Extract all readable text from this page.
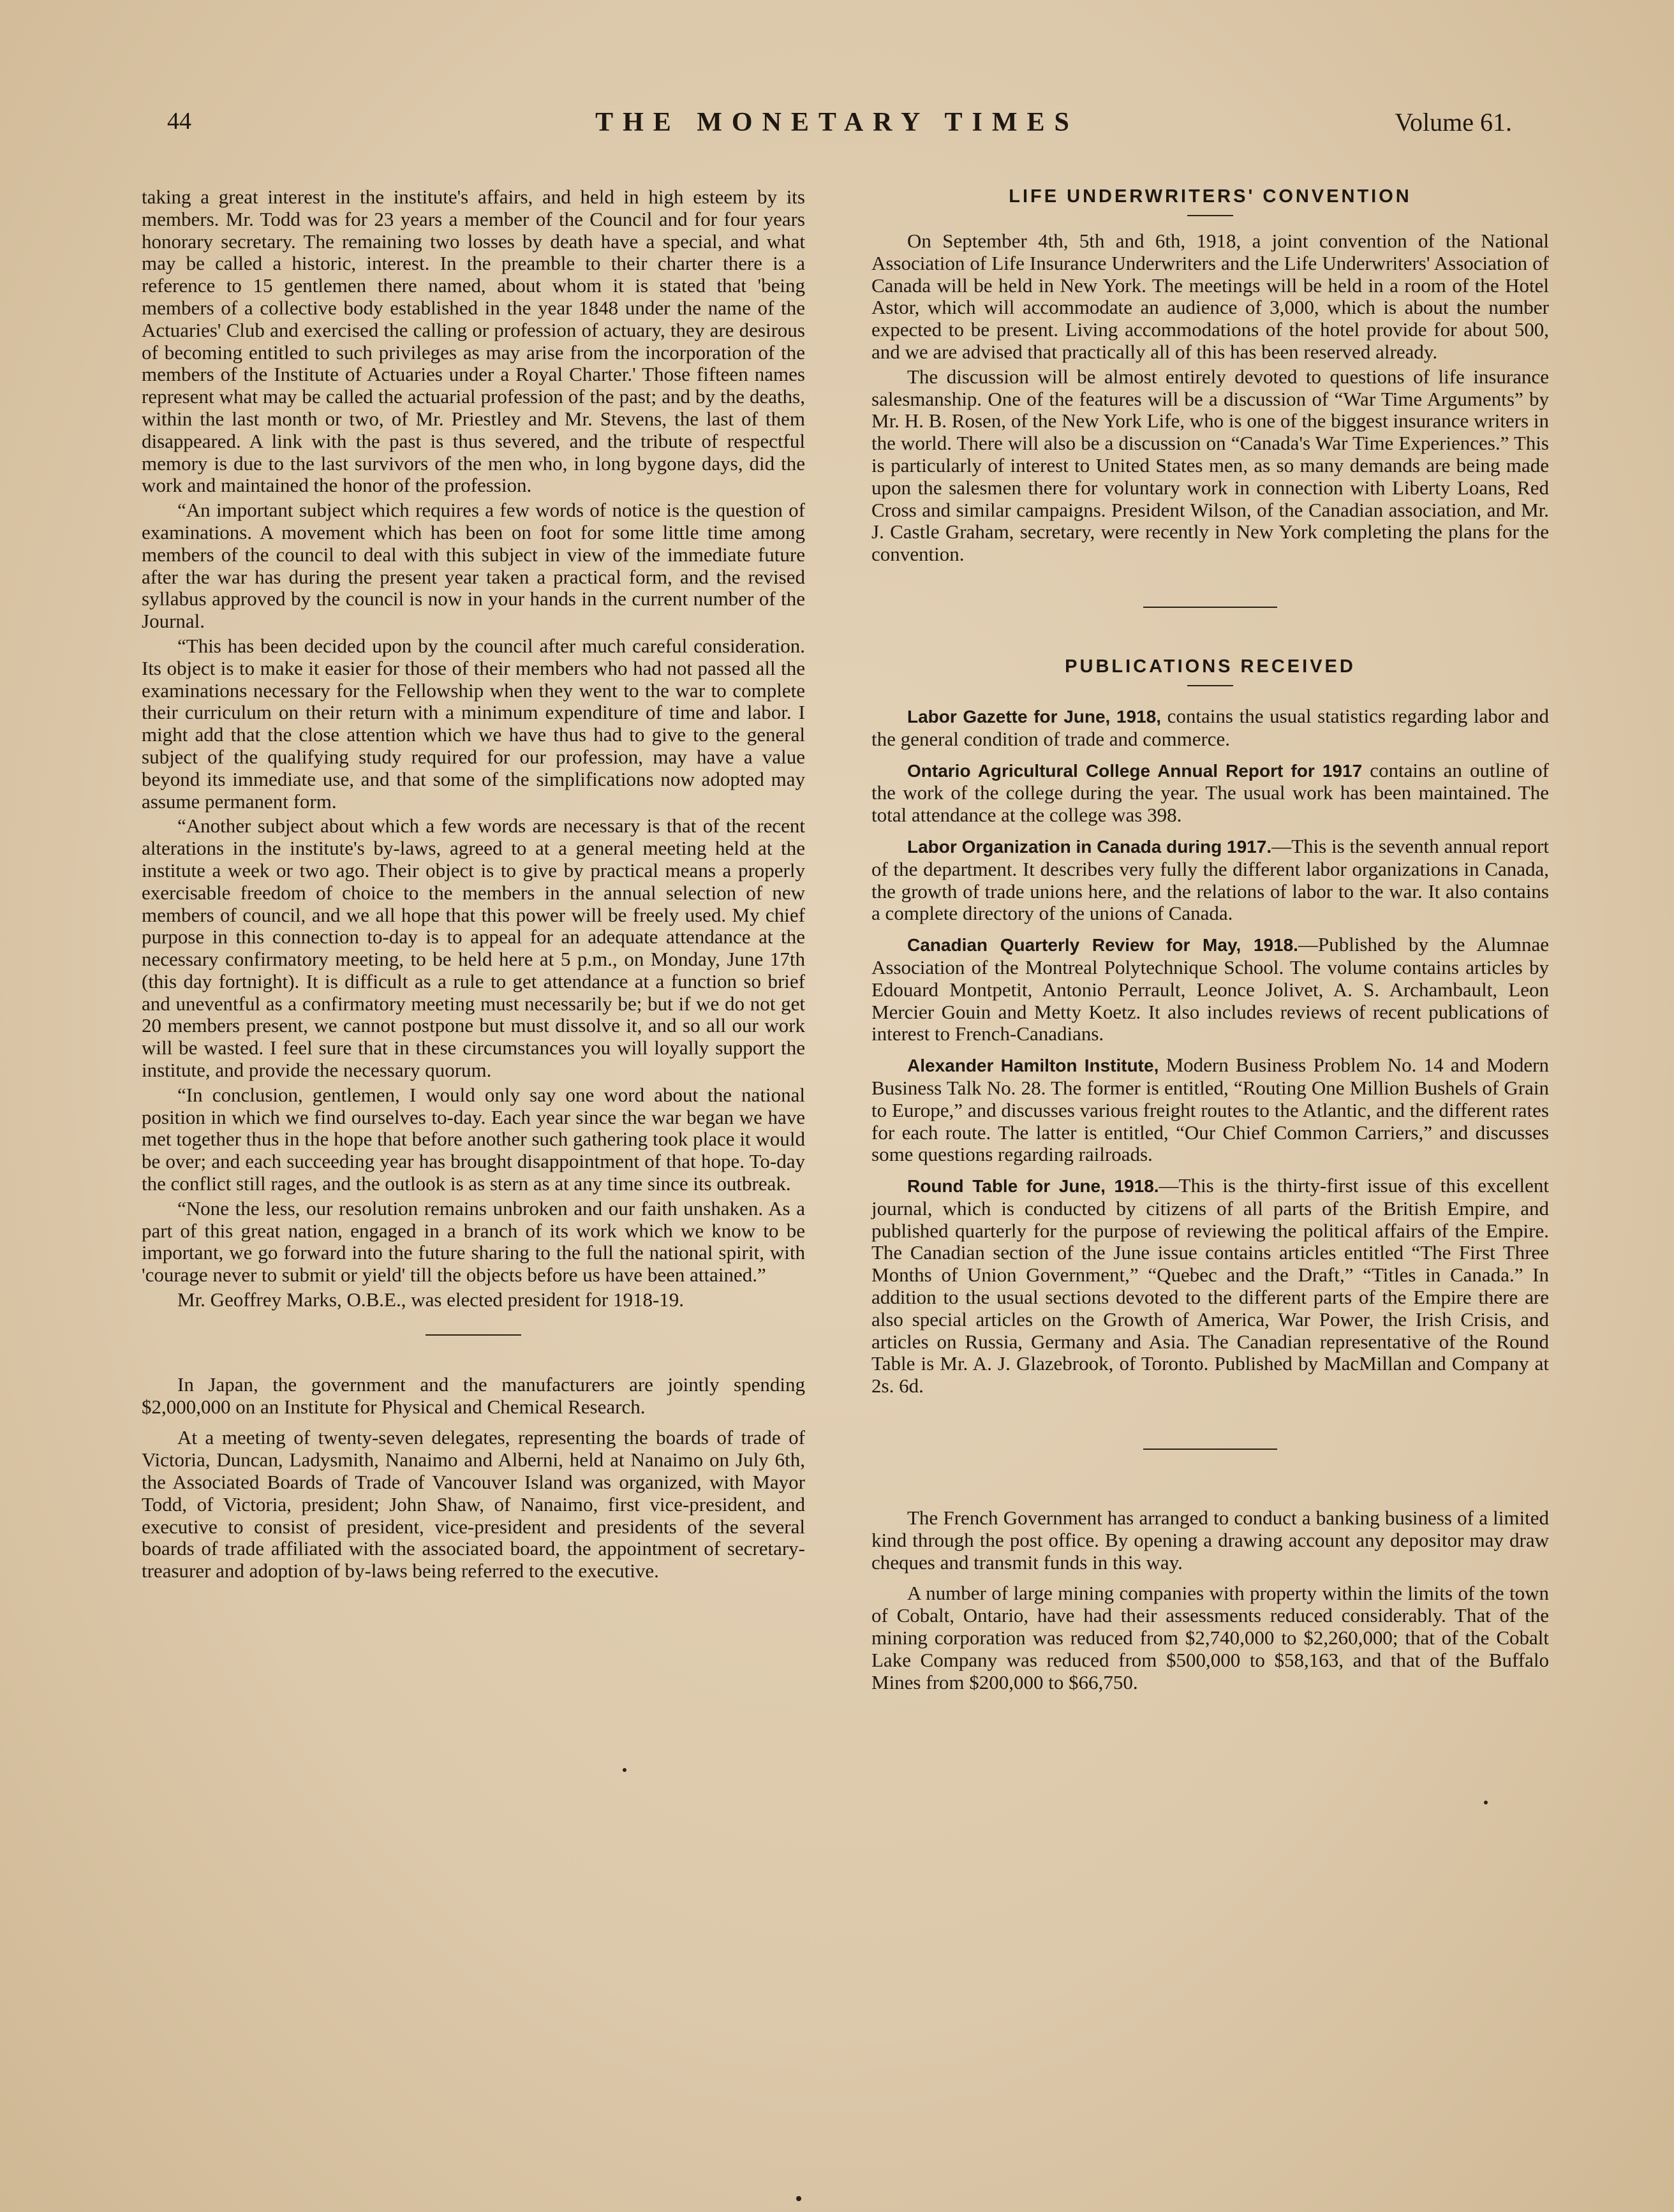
44	THE MONETARY TIMES	Volume 61.

taking a great interest in the institute's affairs, and held in high esteem by its members. Mr. Todd was for 23 years a member of the Council and for four years honorary secretary. The remaining two losses by death have a special, and what may be called a historic, interest. In the preamble to their charter there is a reference to 15 gentlemen there named, about whom it is stated that 'being members of a collective body established in the year 1848 under the name of the Actuaries' Club and exercised the calling or profession of actuary, they are desirous of becoming entitled to such privileges as may arise from the incorporation of the members of the Institute of Actuaries under a Royal Charter.' Those fifteen names represent what may be called the actuarial profession of the past; and by the deaths, within the last month or two, of Mr. Priestley and Mr. Stevens, the last of them disappeared. A link with the past is thus severed, and the tribute of respectful memory is due to the last survivors of the men who, in long bygone days, did the work and maintained the honor of the profession.

“An important subject which requires a few words of notice is the question of examinations. A movement which has been on foot for some little time among members of the council to deal with this subject in view of the immediate future after the war has during the present year taken a practical form, and the revised syllabus approved by the council is now in your hands in the current number of the Journal.

“This has been decided upon by the council after much careful consideration. Its object is to make it easier for those of their members who had not passed all the examinations necessary for the Fellowship when they went to the war to complete their curriculum on their return with a minimum expenditure of time and labor. I might add that the close attention which we have thus had to give to the general subject of the qualifying study required for our profession, may have a value beyond its immediate use, and that some of the simplifications now adopted may assume permanent form.

“Another subject about which a few words are necessary is that of the recent alterations in the institute's by-laws, agreed to at a general meeting held at the institute a week or two ago. Their object is to give by practical means a properly exercisable freedom of choice to the members in the annual selection of new members of council, and we all hope that this power will be freely used. My chief purpose in this connection to-day is to appeal for an adequate attendance at the necessary confirmatory meeting, to be held here at 5 p.m., on Monday, June 17th (this day fortnight). It is difficult as a rule to get attendance at a function so brief and uneventful as a confirmatory meeting must necessarily be; but if we do not get 20 members present, we cannot postpone but must dissolve it, and so all our work will be wasted. I feel sure that in these circumstances you will loyally support the institute, and provide the necessary quorum.

“In conclusion, gentlemen, I would only say one word about the national position in which we find ourselves to-day. Each year since the war began we have met together thus in the hope that before another such gathering took place it would be over; and each succeeding year has brought disappointment of that hope. To-day the conflict still rages, and the outlook is as stern as at any time since its outbreak.

“None the less, our resolution remains unbroken and our faith unshaken. As a part of this great nation, engaged in a branch of its work which we know to be important, we go forward into the future sharing to the full the national spirit, with 'courage never to submit or yield' till the objects before us have been attained.”

Mr. Geoffrey Marks, O.B.E., was elected president for 1918-19.

In Japan, the government and the manufacturers are jointly spending $2,000,000 on an Institute for Physical and Chemical Research.

At a meeting of twenty-seven delegates, representing the boards of trade of Victoria, Duncan, Ladysmith, Nanaimo and Alberni, held at Nanaimo on July 6th, the Associated Boards of Trade of Vancouver Island was organized, with Mayor Todd, of Victoria, president; John Shaw, of Nanaimo, first vice-president, and executive to consist of president, vice-president and presidents of the several boards of trade affiliated with the associated board, the appointment of secretary-treasurer and adoption of by-laws being referred to the executive.

LIFE UNDERWRITERS' CONVENTION

On September 4th, 5th and 6th, 1918, a joint convention of the National Association of Life Insurance Underwriters and the Life Underwriters' Association of Canada will be held in New York. The meetings will be held in a room of the Hotel Astor, which will accommodate an audience of 3,000, which is about the number expected to be present. Living accommodations of the hotel provide for about 500, and we are advised that practically all of this has been reserved already.

The discussion will be almost entirely devoted to questions of life insurance salesmanship. One of the features will be a discussion of “War Time Arguments” by Mr. H. B. Rosen, of the New York Life, who is one of the biggest insurance writers in the world. There will also be a discussion on “Canada's War Time Experiences.” This is particularly of interest to United States men, as so many demands are being made upon the salesmen there for voluntary work in connection with Liberty Loans, Red Cross and similar campaigns. President Wilson, of the Canadian association, and Mr. J. Castle Graham, secretary, were recently in New York completing the plans for the convention.

PUBLICATIONS RECEIVED

Labor Gazette for June, 1918, contains the usual statistics regarding labor and the general condition of trade and commerce.

Ontario Agricultural College Annual Report for 1917 contains an outline of the work of the college during the year. The usual work has been maintained. The total attendance at the college was 398.

Labor Organization in Canada during 1917.—This is the seventh annual report of the department. It describes very fully the different labor organizations in Canada, the growth of trade unions here, and the relations of labor to the war. It also contains a complete directory of the unions of Canada.

Canadian Quarterly Review for May, 1918.—Published by the Alumnae Association of the Montreal Polytechnique School. The volume contains articles by Edouard Montpetit, Antonio Perrault, Leonce Jolivet, A. S. Archambault, Leon Mercier Gouin and Metty Koetz. It also includes reviews of recent publications of interest to French-Canadians.

Alexander Hamilton Institute, Modern Business Problem No. 14 and Modern Business Talk No. 28. The former is entitled, “Routing One Million Bushels of Grain to Europe,” and discusses various freight routes to the Atlantic, and the different rates for each route. The latter is entitled, “Our Chief Common Carriers,” and discusses some questions regarding railroads.

Round Table for June, 1918.—This is the thirty-first issue of this excellent journal, which is conducted by citizens of all parts of the British Empire, and published quarterly for the purpose of reviewing the political affairs of the Empire. The Canadian section of the June issue contains articles entitled “The First Three Months of Union Government,” “Quebec and the Draft,” “Titles in Canada.” In addition to the usual sections devoted to the different parts of the Empire there are also special articles on the Growth of America, War Power, the Irish Crisis, and articles on Russia, Germany and Asia. The Canadian representative of the Round Table is Mr. A. J. Glazebrook, of Toronto. Published by MacMillan and Company at 2s. 6d.

The French Government has arranged to conduct a banking business of a limited kind through the post office. By opening a drawing account any depositor may draw cheques and transmit funds in this way.

A number of large mining companies with property within the limits of the town of Cobalt, Ontario, have had their assessments reduced considerably. That of the mining corporation was reduced from $2,740,000 to $2,260,000; that of the Cobalt Lake Company was reduced from $500,000 to $58,163, and that of the Buffalo Mines from $200,000 to $66,750.
